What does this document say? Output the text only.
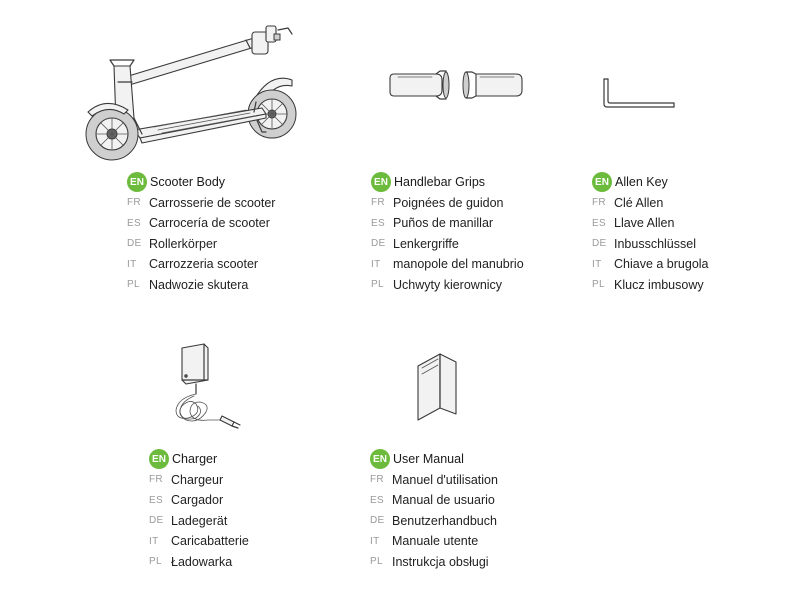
EN Scooter Body
FR Carrosserie de scooter
ES Carrocería de scooter
DE Rollerkörper
IT	Carrozzeria scooter
PL Nadwozie skutera
EN Handlebar Grips
FR Poignées de guidon
ES Puños de manillar
DE Lenkergriffe
IT	manopole del manubrio
PL Uchwyty kierownicy
EN Allen Key
FR Clé Allen
ES Llave Allen
DE Inbusschlüssel
IT	Chiave a brugola
PL Klucz imbusowy
EN Charger
FR Chargeur
ES Cargador
DE Ladegerät
IT	Caricabatterie
PL Ładowarka
EN User Manual
FR Manuel d'utilisation
ES Manual de usuario
DE Benutzerhandbuch
IT	Manuale utente
PL Instrukcja obsługi
